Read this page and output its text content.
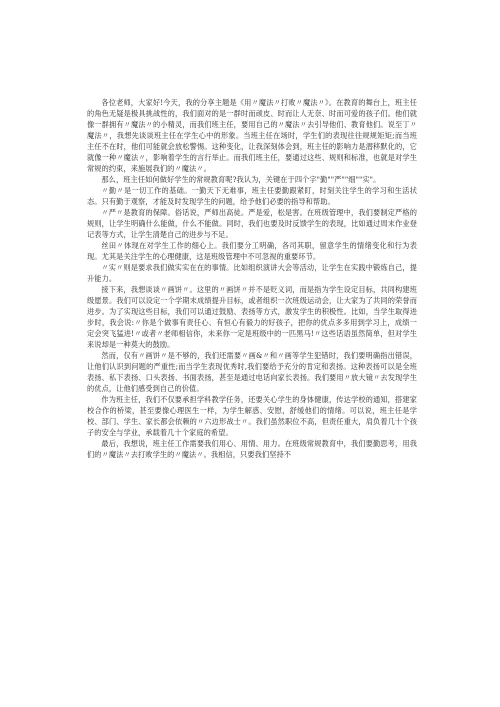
各位老师，大家好!今天，我的分享主题是《用〃魔法〃打败〃魔法〃》。在教育的舞台上，班主任的角色无疑是极具挑战性的，我们面对的是一群时而顽皮、时而让人无奈、时而可爱的孩子们。他们就像一群拥有〃魔法〃的小精灵，而我们班主任，要用自己的〃魔法〃去引导他们、教育他们。说至丁〃魔法〃，我想先谈谈班主任在学生心中的形象。当班主任在场时，学生们的表现往往规规矩矩;而当班主任不在时，他们可能就会放松警惕。这种变化，让我深刻体会到，班主任的影响力是潜移默化的，它就像一种〃魔法〃，影响着学生的言行举止。而我们班主任，要通过这些、规则和标准，也就是对学生常规的约束，来施展我们的〃魔法〃。

那么，班主任如何做好学生的常规教育呢?我认为，关键在于四个字"勤""严""细""实"。

〃勤〃是一切工作的基础。一勤天下无难事，班主任要勤跟紧盯，时刻关注学生的学习和生活状态。只有勤于观察，才能及时发现学生的问题，给予他们必要的指导和帮助。

〃严〃是教育的保障。俗话说，严师出高徒。严是爱，松是害。在班级管理中，我们要制定严格的规则，让学生明确什么能做，什么不能做。同时，我们也要及时反馈学生的表现，比如通过周末作业登记表等方式，让学生清楚自己的进步与不足。

丝田〃体现在对学生工作的细心上。我们要分工明确，各司其职，留意学生的情绪变化和行为表现。尤其是关注学生的心理健康，这是班级管理中不可忽视的重要环节。

〃实〃则是要求我们做实实在在的事情。比如组织演讲大会等活动，让学生在实践中锻炼自己，提升能力。

接下来，我想谈谈〃画饼〃。这里的〃画饼〃并不是贬义词，而是指为学生设定目标，共同构建班级愿景。我们可以设定一个学期末成绩提升目标，或者组织一次班级运动会，让大家为了共同的荣誉而进步。为了实现这些目标，我们可以通过鼓励、表扬等方式，激发学生的积极性。比如，当学生取得进步时，我会说:〃你是个做事有责任心、有恒心有毅力的好孩子，把你的优点多多用到学习上，成绩一定会突飞猛进!〃或者〃老师相信你，未来你一定是班级中的一匹黑马!〃这些话语虽然简单，但对学生来说却是一种莫大的鼓励。

然而，仅有〃画饼〃是不够的，我们还需要〃画&〃和〃画等学生犯错时，我们要明确指出错误，让他们认识到问题的严重性;而当学生表现优秀时,我们要给予充分的肯定和表扬。这种表扬可以是全班表扬、私下表扬、口头表扬、书面表扬，甚至是通过电话向家长表扬。我们要用〃放大镜〃去发现学生的优点，让他们感受到自己的价值。

作为班主任，我们不仅要承担学科教学任务，还要关心学生的身体健康，传达学校的通知，搭建家校合作的桥梁，甚至要像心理医生一样，为学生解惑、安慰，舒缓他们的情绪。可以说，班主任是学校、部门、学生、家长都会依赖的〃六边形战士〃。我们虽然职位不高，但责任重大，肩负着几十个孩子的安全与学业，承载着几十个家庭的希望。

最后，我想说，班主任工作需要我们用心、用情、用力。在班级常规教育中，我们要勤思考，用我们的〃魔法〃去打败学生的〃魔法〃。我相信，只要我们坚持不
